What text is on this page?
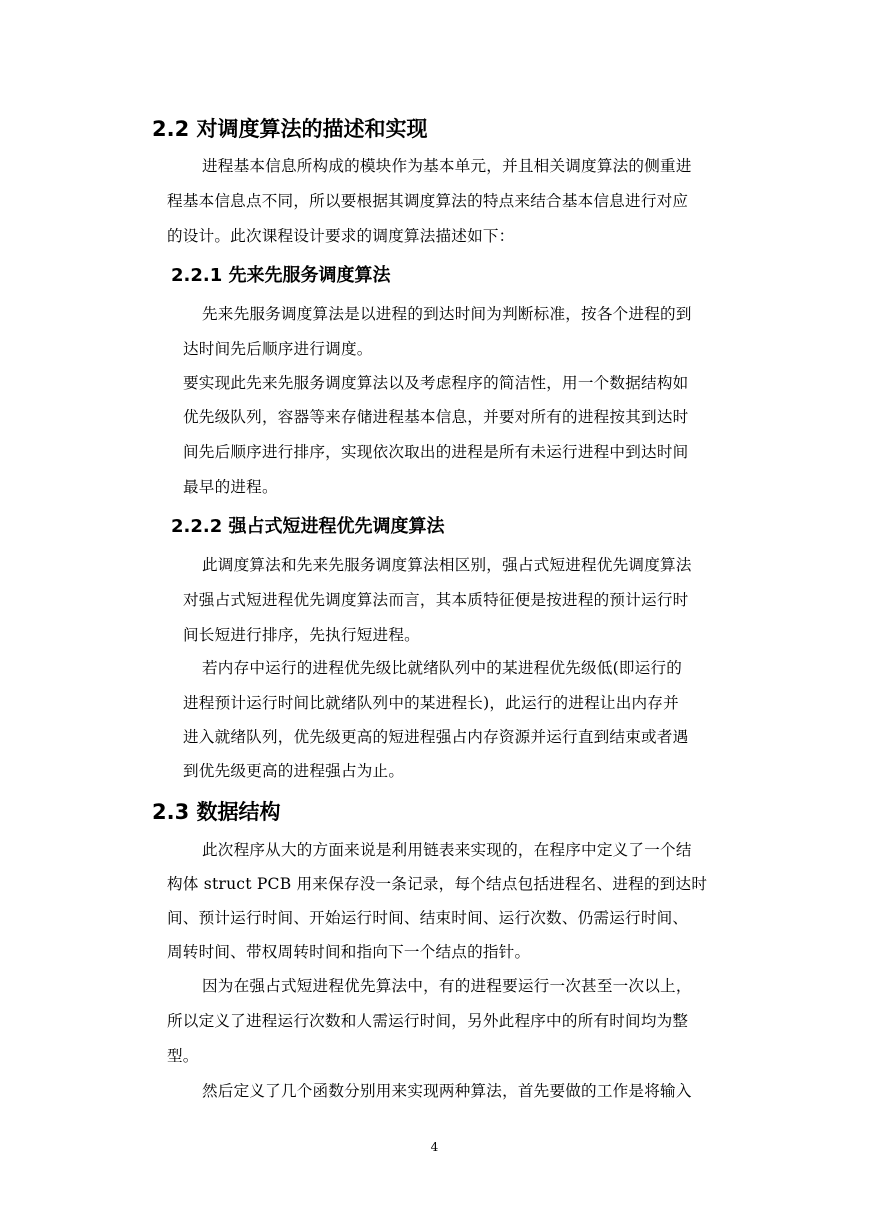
2.2 对调度算法的描述和实现
进程基本信息所构成的模块作为基本单元，并且相关调度算法的侧重进
程基本信息点不同，所以要根据其调度算法的特点来结合基本信息进行对应
的设计。此次课程设计要求的调度算法描述如下：
2.2.1 先来先服务调度算法
先来先服务调度算法是以进程的到达时间为判断标准，按各个进程的到
达时间先后顺序进行调度。
要实现此先来先服务调度算法以及考虑程序的简洁性，用一个数据结构如
优先级队列，容器等来存储进程基本信息，并要对所有的进程按其到达时
间先后顺序进行排序，实现依次取出的进程是所有未运行进程中到达时间
最早的进程。
2.2.2 强占式短进程优先调度算法
此调度算法和先来先服务调度算法相区别，强占式短进程优先调度算法
对强占式短进程优先调度算法而言，其本质特征便是按进程的预计运行时
间长短进行排序，先执行短进程。
若内存中运行的进程优先级比就绪队列中的某进程优先级低(即运行的
进程预计运行时间比就绪队列中的某进程长)，此运行的进程让出内存并
进入就绪队列，优先级更高的短进程强占内存资源并运行直到结束或者遇
到优先级更高的进程强占为止。
2.3 数据结构
此次程序从大的方面来说是利用链表来实现的，在程序中定义了一个结
构体 struct PCB 用来保存没一条记录，每个结点包括进程名、进程的到达时
间、预计运行时间、开始运行时间、结束时间、运行次数、仍需运行时间、
周转时间、带权周转时间和指向下一个结点的指针。
因为在强占式短进程优先算法中，有的进程要运行一次甚至一次以上，
所以定义了进程运行次数和人需运行时间，另外此程序中的所有时间均为整
型。
然后定义了几个函数分别用来实现两种算法，首先要做的工作是将输入
4
